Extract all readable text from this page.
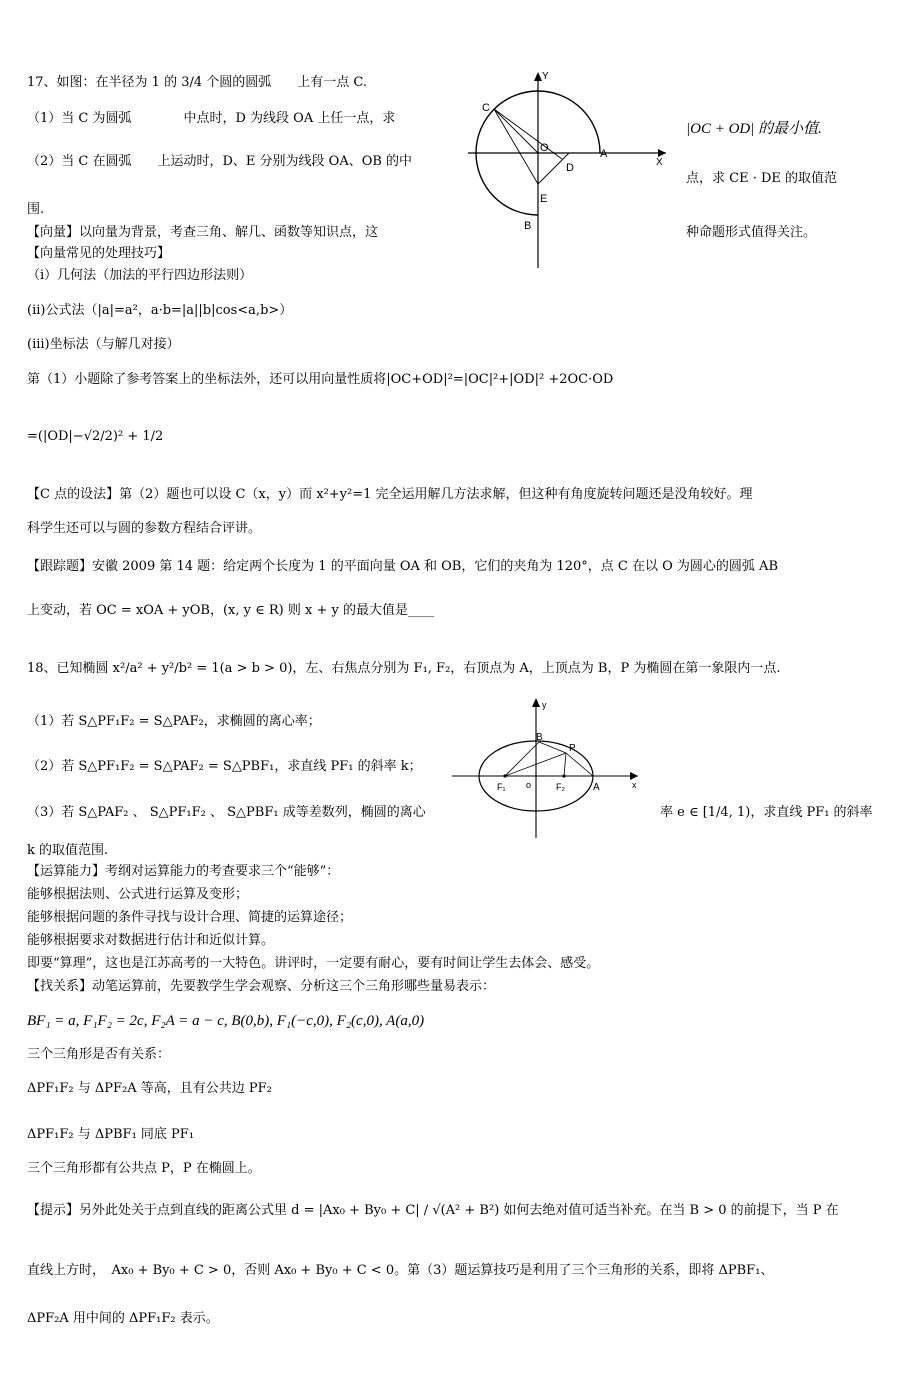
17、如图：在半径为 1 的 3/4 个圆的圆弧　　上有一点 C.
（1）当 C 为圆弧　　　　中点时，D 为线段 OA 上任一点，求
|OC + OD| 的最小值.
（2）当 C 在圆弧　　上运动时，D、E 分别为线段 OA、OB 的中
点，求 CE · DE 的取值范
围.
【向量】以向量为背景，考查三角、解几、函数等知识点，这	种命题形式值得关注。
【向量常见的处理技巧】
（i）几何法（加法的平行四边形法则）
(ii)公式法（|a|=a²，a·b=|a||b|cos<a,b>）
(iii)坐标法（与解几对接）
第（1）小题除了参考答案上的坐标法外，还可以用向量性质将|OC+OD|²=|OC|²+|OD|² +2OC·OD
=(|OD|−√2/2)² + 1/2
【C 点的设法】第（2）题也可以设 C（x，y）而 x²+y²=1 完全运用解几方法求解，但这种有角度旋转问题还是没角较好。理
科学生还可以与圆的参数方程结合评讲。
【跟踪题】安徽 2009 第 14 题：给定两个长度为 1 的平面向量 OA 和 OB，它们的夹角为 120°，点 C 在以 O 为圆心的圆弧 AB
上变动，若 OC = xOA + yOB，(x, y ∈ R) 则 x + y 的最大值是____
Y
X
O	A
B
C
D
E
18、已知椭圆 x²/a² + y²/b² = 1(a > b > 0)，左、右焦点分别为 F₁, F₂，右顶点为 A，上顶点为 B，P 为椭圆在第一象限内一点.
（1）若 S△PF₁F₂ = S△PAF₂，求椭圆的离心率；
（2）若 S△PF₁F₂ = S△PAF₂ = S△PBF₁，求直线 PF₁ 的斜率 k；
（3）若 S△PAF₂ 、 S△PF₁F₂ 、 S△PBF₁ 成等差数列，椭圆的离心	率 e ∈ [1/4, 1)，求直线 PF₁ 的斜率
k 的取值范围.
【运算能力】考纲对运算能力的考查要求三个“能够”：
能够根据法则、公式进行运算及变形；
能够根据问题的条件寻找与设计合理、简捷的运算途径；
能够根据要求对数据进行估计和近似计算。
即要“算理”，这也是江苏高考的一大特色。讲评时，一定要有耐心，要有时间让学生去体会、感受。
【找关系】动笔运算前，先要教学生学会观察、分析这三个三角形哪些量易表示：
BF₁ = a, F₁F₂ = 2c, F₂A = a − c, B(0,b), F₁(−c,0), F₂(c,0), A(a,0)
三个三角形是否有关系：
ΔPF₁F₂ 与 ΔPF₂A 等高，且有公共边 PF₂
ΔPF₁F₂ 与 ΔPBF₁ 同底 PF₁
三个三角形都有公共点 P，P 在椭圆上。
【提示】另外此处关于点到直线的距离公式里 d = |Ax₀ + By₀ + C| / √(A² + B²) 如何去绝对值可适当补充。在当 B > 0 的前提下，当 P 在
直线上方时，　Ax₀ + By₀ + C > 0，否则 Ax₀ + By₀ + C < 0。第（3）题运算技巧是利用了三个三角形的关系，即将 ΔPBF₁、
ΔPF₂A 用中间的 ΔPF₁F₂ 表示。
y
x
o
B
P
F₁	F₂	A
